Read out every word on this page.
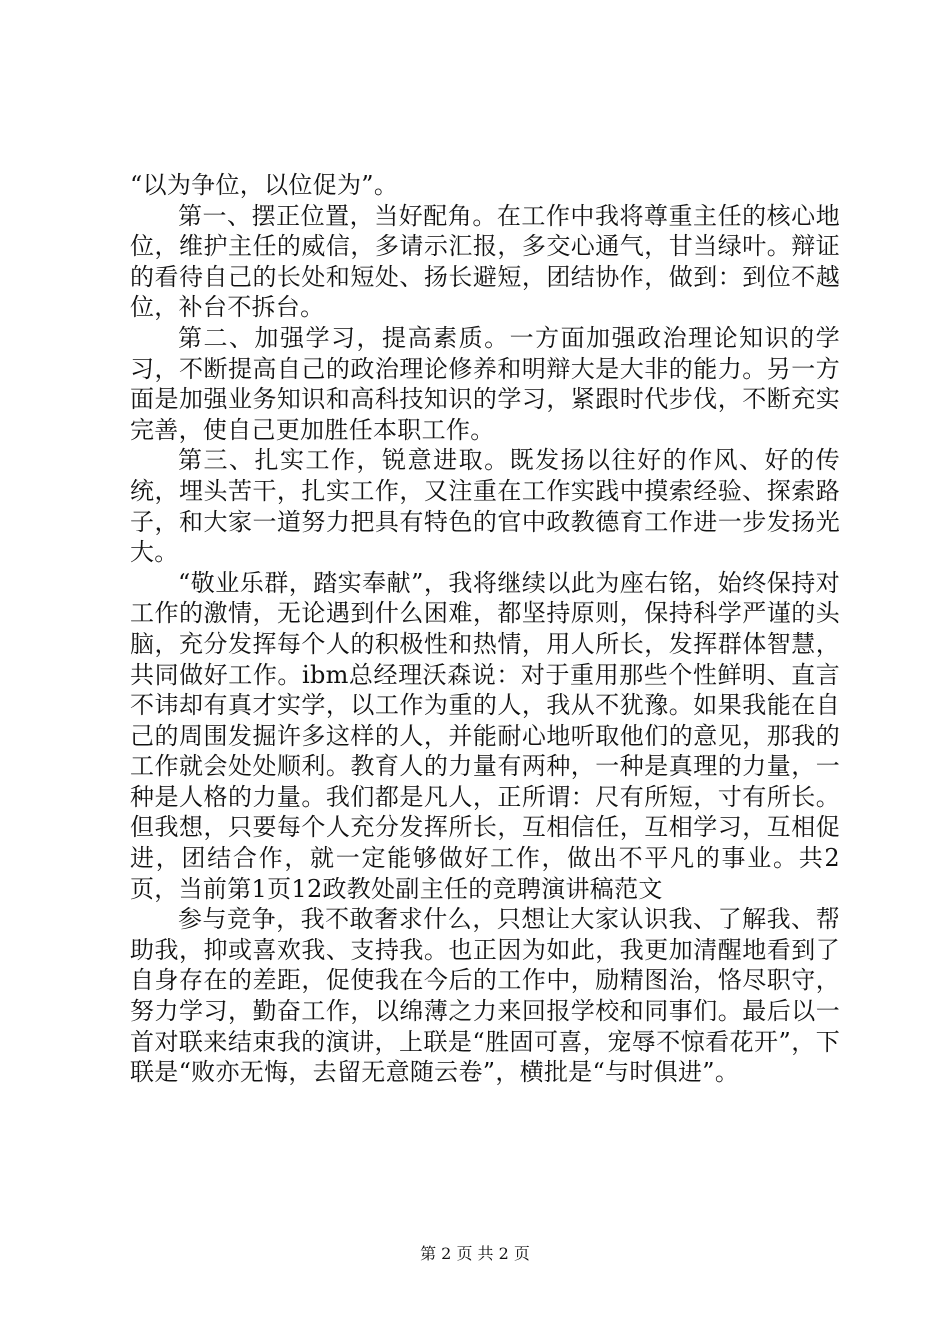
“以为争位，以位促为”。

第一、摆正位置，当好配角。在工作中我将尊重主任的核心地位，维护主任的威信，多请示汇报，多交心通气，甘当绿叶。辩证的看待自己的长处和短处、扬长避短，团结协作，做到：到位不越位，补台不拆台。

第二、加强学习，提高素质。一方面加强政治理论知识的学习，不断提高自己的政治理论修养和明辩大是大非的能力。另一方面是加强业务知识和高科技知识的学习，紧跟时代步伐，不断充实完善，使自己更加胜任本职工作。

第三、扎实工作，锐意进取。既发扬以往好的作风、好的传统，埋头苦干，扎实工作，又注重在工作实践中摸索经验、探索路子，和大家一道努力把具有特色的官中政教德育工作进一步发扬光大。

“敬业乐群，踏实奉献”，我将继续以此为座右铭，始终保持对工作的激情，无论遇到什么困难，都坚持原则，保持科学严谨的头脑，充分发挥每个人的积极性和热情，用人所长，发挥群体智慧，共同做好工作。ibm总经理沃森说：对于重用那些个性鲜明、直言不讳却有真才实学，以工作为重的人，我从不犹豫。如果我能在自己的周围发掘许多这样的人，并能耐心地听取他们的意见，那我的工作就会处处顺利。教育人的力量有两种，一种是真理的力量，一种是人格的力量。我们都是凡人，正所谓：尺有所短，寸有所长。但我想，只要每个人充分发挥所长，互相信任，互相学习，互相促进，团结合作，就一定能够做好工作，做出不平凡的事业。共2页，当前第1页12政教处副主任的竞聘演讲稿范文

参与竞争，我不敢奢求什么，只想让大家认识我、了解我、帮助我，抑或喜欢我、支持我。也正因为如此，我更加清醒地看到了自身存在的差距，促使我在今后的工作中，励精图治，恪尽职守，努力学习，勤奋工作，以绵薄之力来回报学校和同事们。最后以一首对联来结束我的演讲，上联是“胜固可喜，宠辱不惊看花开”，下联是“败亦无悔，去留无意随云卷”，横批是“与时俱进”。

第 2 页 共 2 页
